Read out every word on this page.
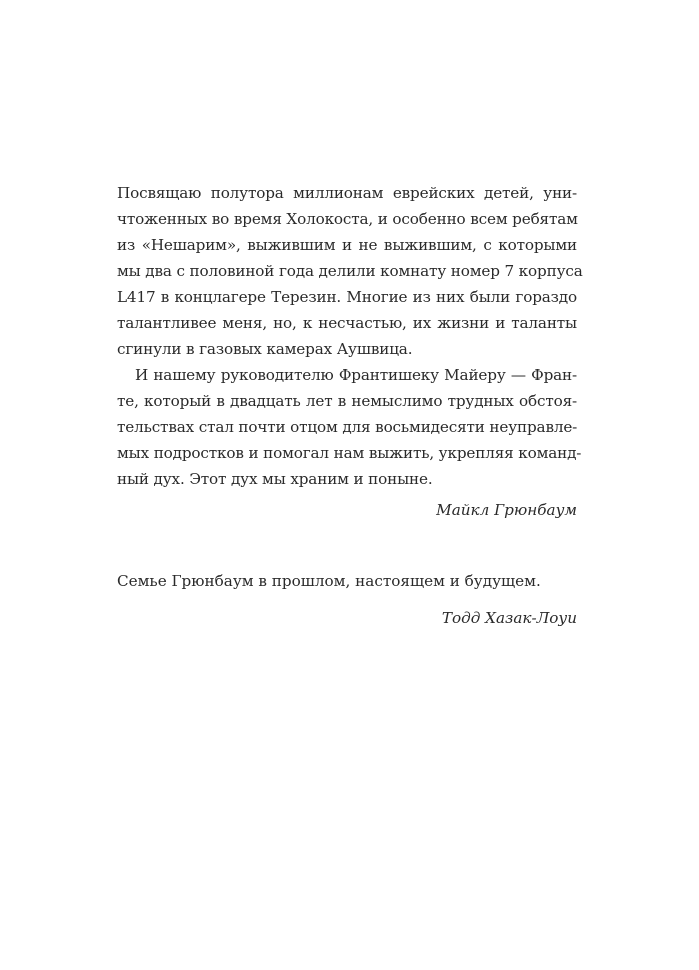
Посвящаю полутора миллионам еврейских детей, уни-
чтоженных во время Холокоста, и особенно всем ребятам
из «Нешарим», выжившим и не выжившим, с которыми
мы два с половиной года делили комнату номер 7 корпуса
L417 в концлагере Терезин. Многие из них были гораздо
талантливее меня, но, к несчастью, их жизни и таланты
сгинули в газовых камерах Аушвица.
И нашему руководителю Франтишеку Майеру — Фран-
те, который в двадцать лет в немыслимо трудных обстоя-
тельствах стал почти отцом для восьмидесяти неуправле-
мых подростков и помогал нам выжить, укрепляя команд-
ный дух. Этот дух мы храним и поныне.
Майкл Грюнбаум
Семье Грюнбаум в прошлом, настоящем и будущем.
Тодд Хазак-Лоуи
